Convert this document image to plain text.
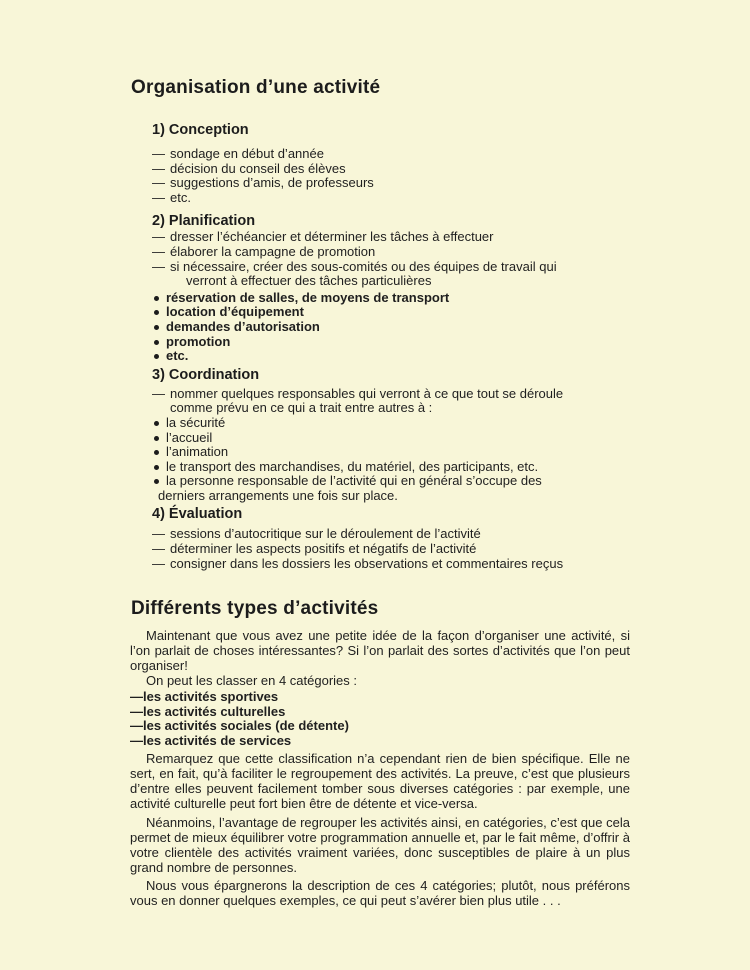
Organisation d’une activité
1) Conception
— sondage en début d’année
— décision du conseil des élèves
— suggestions d’amis, de professeurs
— etc.
2) Planification
— dresser l’échéancier et déterminer les tâches à effectuer
— élaborer la campagne de promotion
— si nécessaire, créer des sous-comités ou des équipes de travail qui
verront à effectuer des tâches particulières
réservation de salles, de moyens de transport
location d’équipement
demandes d’autorisation
promotion
etc.
3) Coordination
— nommer quelques responsables qui verront à ce que tout se déroule
comme prévu en ce qui a trait entre autres à :
la sécurité
l’accueil
l’animation
le transport des marchandises, du matériel, des participants, etc.
la personne responsable de l’activité qui en général s’occupe des
derniers arrangements une fois sur place.
4) Évaluation
— sessions d’autocritique sur le déroulement de l’activité
— déterminer les aspects positifs et négatifs de l’activité
— consigner dans les dossiers les observations et commentaires reçus
Différents types d’activités

Maintenant que vous avez une petite idée de la façon d’organiser une activité, si l’on parlait de choses intéressantes? Si l’on parlait des sortes d’activités que l’on peut organiser!

On peut les classer en 4 catégories :

—les activités sportives
—les activités culturelles
—les activités sociales (de détente)
—les activités de services

Remarquez que cette classification n’a cependant rien de bien spécifique. Elle ne sert, en fait, qu’à faciliter le regroupement des activités. La preuve, c’est que plusieurs d’entre elles peuvent facilement tomber sous diverses catégories : par exemple, une activité culturelle peut fort bien être de détente et vice-versa.

Néanmoins, l’avantage de regrouper les activités ainsi, en catégories, c’est que cela permet de mieux équilibrer votre programmation annuelle et, par le fait même, d’offrir à votre clientèle des activités vraiment variées, donc susceptibles de plaire à un plus grand nombre de personnes.

Nous vous épargnerons la description de ces 4 catégories; plutôt, nous préférons vous en donner quelques exemples, ce qui peut s’avérer bien plus utile . . .
